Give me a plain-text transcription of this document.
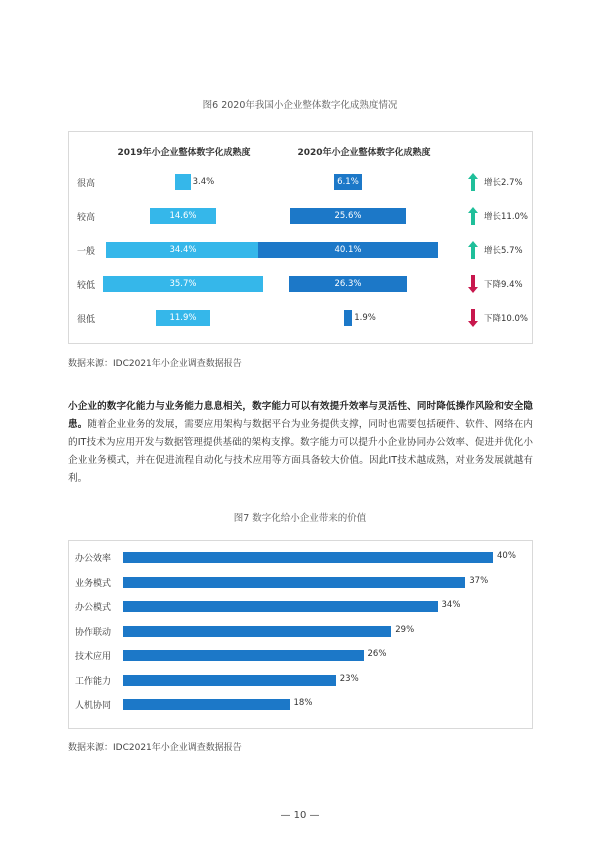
图6 2020年我国小企业整体数字化成熟度情况
2019年小企业整体数字化成熟度	2020年小企业整体数字化成熟度
很高	3.4%	6.1%	增长2.7%
较高	14.6%	25.6%	增长11.0%
一般	34.4%	40.1%	增长5.7%
较低	35.7%	26.3%	下降9.4%
很低	11.9%	1.9%	下降10.0%
数据来源：IDC2021年小企业调查数据报告
小企业的数字化能力与业务能力息息相关，数字能力可以有效提升效率与灵活性、同时降低操作风险和安全隐患。随着企业业务的发展，需要应用架构与数据平台为业务提供支撑，同时也需要包括硬件、软件、网络在内的IT技术为应用开发与数据管理提供基础的架构支撑。数字能力可以提升小企业协同办公效率、促进并优化小企业业务模式，并在促进流程自动化与技术应用等方面具备较大价值。因此IT技术越成熟，对业务发展就越有利。
图7 数字化给小企业带来的价值
办公效率	40%
业务模式	37%
办公模式	34%
协作联动	29%
技术应用	26%
工作能力	23%
人机协同	18%
数据来源：IDC2021年小企业调查数据报告
— 10 —
